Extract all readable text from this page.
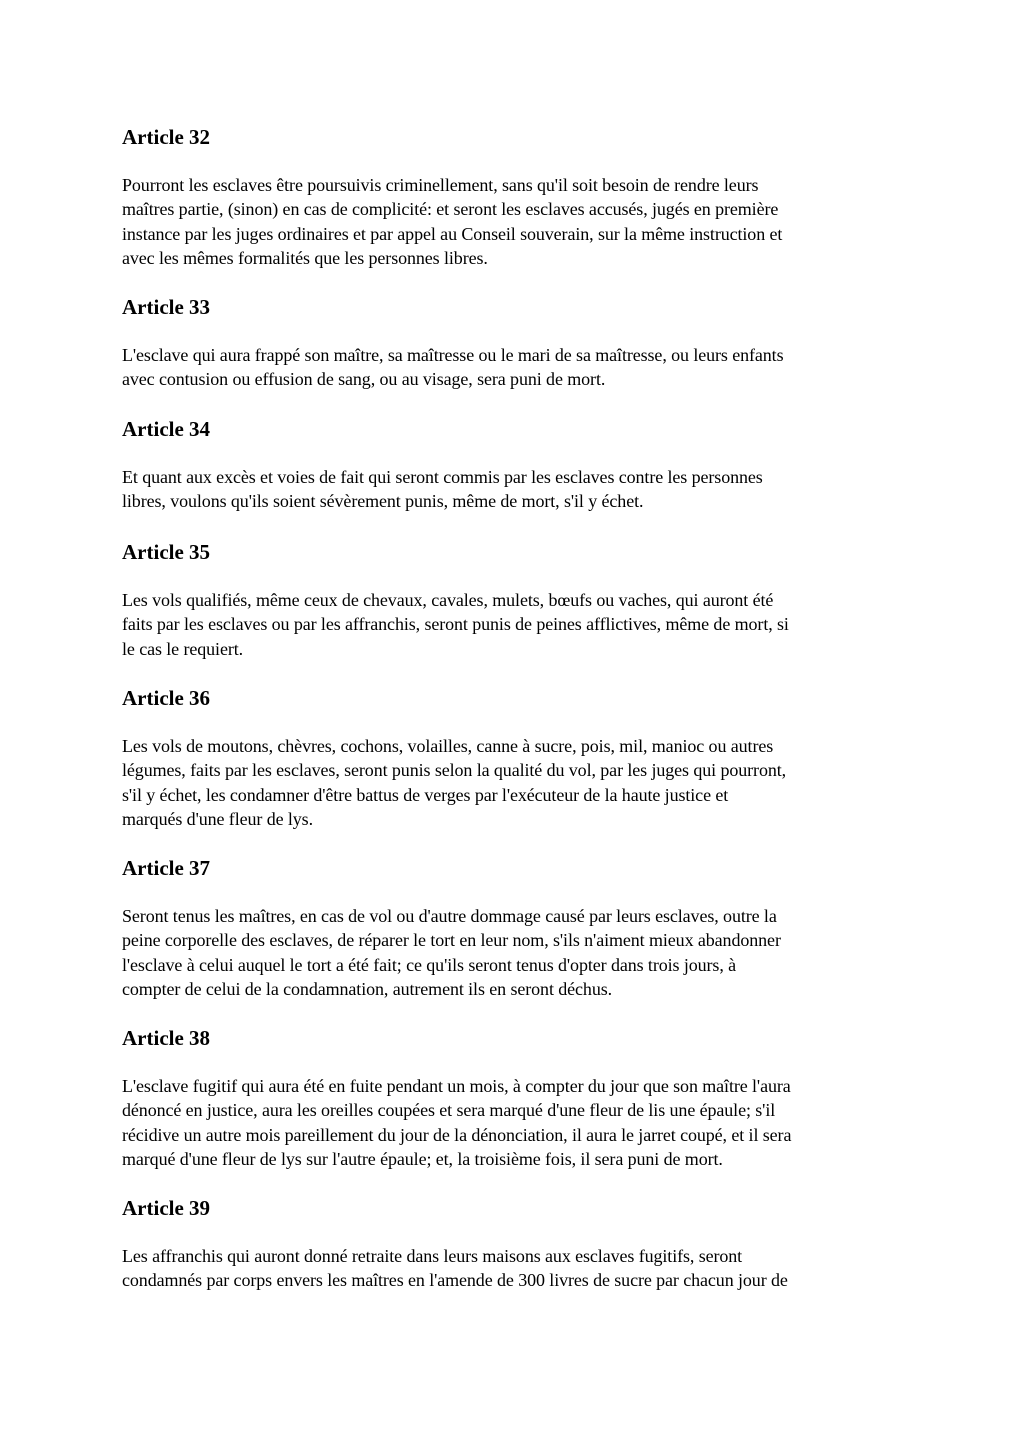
Article 32

Pourront les esclaves être poursuivis criminellement, sans qu'il soit besoin de rendre leurs
maîtres partie, (sinon) en cas de complicité: et seront les esclaves accusés, jugés en première
instance par les juges ordinaires et par appel au Conseil souverain, sur la même instruction et
avec les mêmes formalités que les personnes libres.

Article 33

L'esclave qui aura frappé son maître, sa maîtresse ou le mari de sa maîtresse, ou leurs enfants
avec contusion ou effusion de sang, ou au visage, sera puni de mort.

Article 34

Et quant aux excès et voies de fait qui seront commis par les esclaves contre les personnes
libres, voulons qu'ils soient sévèrement punis, même de mort, s'il y échet.

Article 35

Les vols qualifiés, même ceux de chevaux, cavales, mulets, bœufs ou vaches, qui auront été
faits par les esclaves ou par les affranchis, seront punis de peines afflictives, même de mort, si
le cas le requiert.

Article 36

Les vols de moutons, chèvres, cochons, volailles, canne à sucre, pois, mil, manioc ou autres
légumes, faits par les esclaves, seront punis selon la qualité du vol, par les juges qui pourront,
s'il y échet, les condamner d'être battus de verges par l'exécuteur de la haute justice et
marqués d'une fleur de lys.

Article 37

Seront tenus les maîtres, en cas de vol ou d'autre dommage causé par leurs esclaves, outre la
peine corporelle des esclaves, de réparer le tort en leur nom, s'ils n'aiment mieux abandonner
l'esclave à celui auquel le tort a été fait; ce qu'ils seront tenus d'opter dans trois jours, à
compter de celui de la condamnation, autrement ils en seront déchus.

Article 38

L'esclave fugitif qui aura été en fuite pendant un mois, à compter du jour que son maître l'aura
dénoncé en justice, aura les oreilles coupées et sera marqué d'une fleur de lis une épaule; s'il
récidive un autre mois pareillement du jour de la dénonciation, il aura le jarret coupé, et il sera
marqué d'une fleur de lys sur l'autre épaule; et, la troisième fois, il sera puni de mort.

Article 39

Les affranchis qui auront donné retraite dans leurs maisons aux esclaves fugitifs, seront
condamnés par corps envers les maîtres en l'amende de 300 livres de sucre par chacun jour de
